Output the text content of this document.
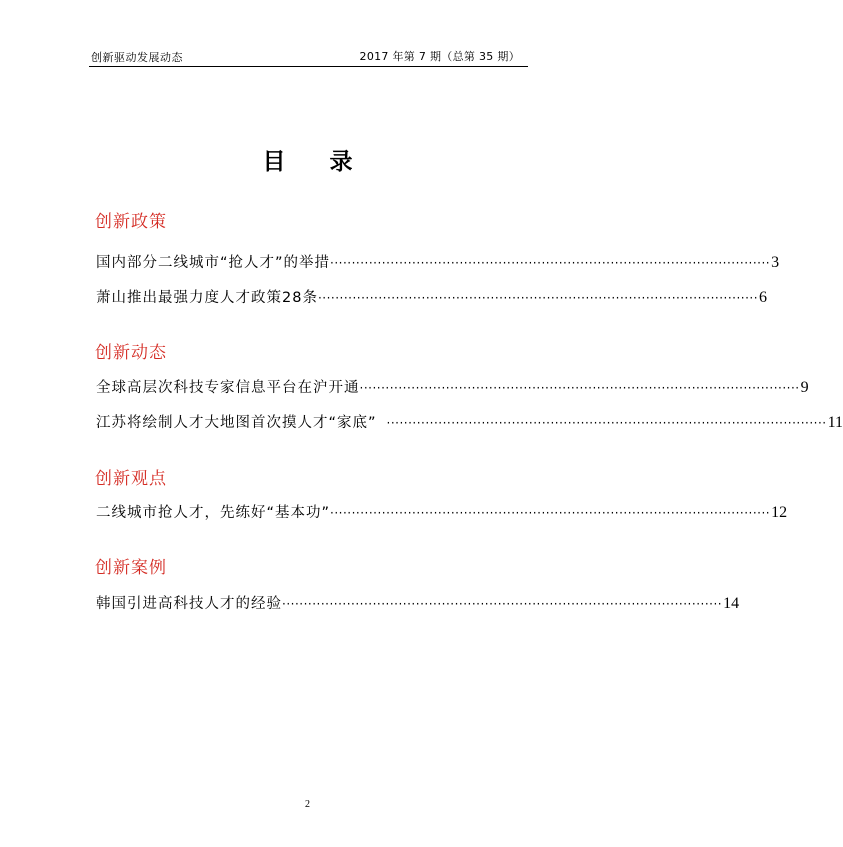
创新驱动发展动态	2017 年第 7 期（总第 35 期）
目 录
创新政策
国内部分二线城市“抢人才”的举措 ······································································································ 3
萧山推出最强力度人才政策28条 ······································································································ 6
创新动态
全球高层次科技专家信息平台在沪开通 ······································································································ 9
江苏将绘制人才大地图首次摸人才“家底” ······································································································ 11
创新观点
二线城市抢人才，先练好“基本功” ······································································································ 12
创新案例
韩国引进高科技人才的经验 ······································································································ 14
2
